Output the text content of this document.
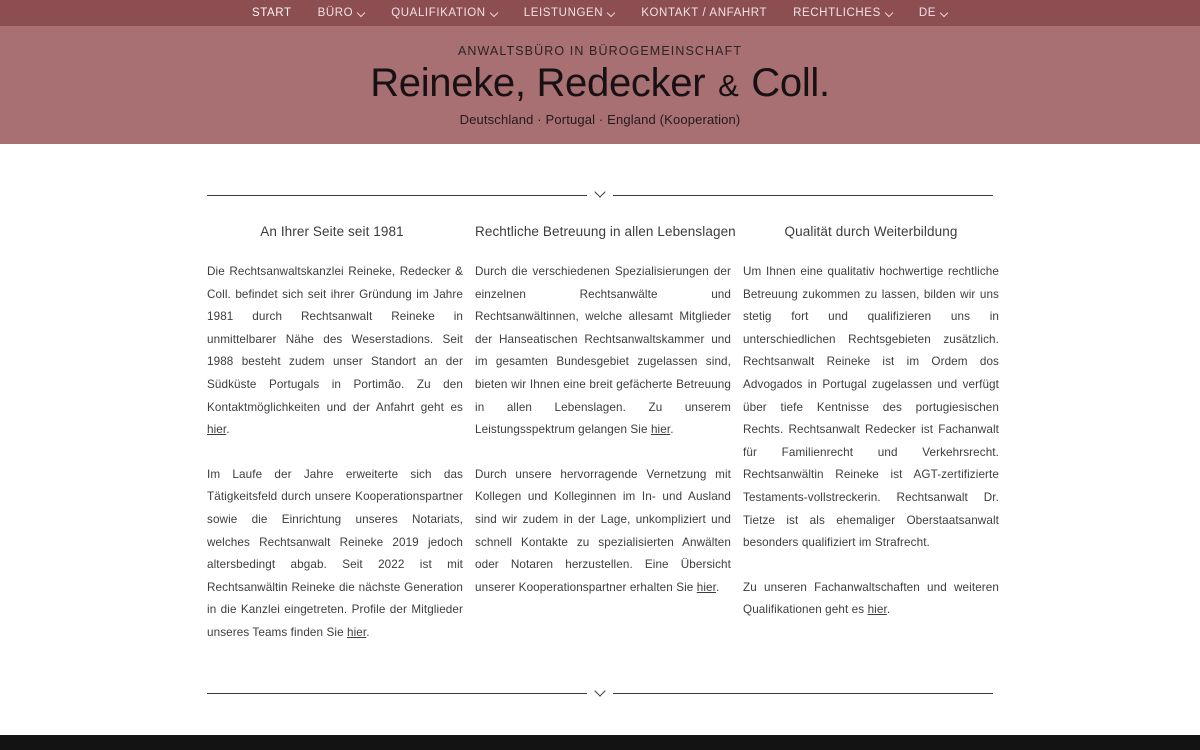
START BÜRO	QUALIFIKATION	LEISTUNGEN	KONTAKT / ANFAHRT RECHTLICHES	DE
ANWALTSBÜRO IN BÜROGEMEINSCHAFT
Reineke, Redecker & Coll.
Deutschland · Portugal · England (Kooperation)
An Ihrer Seite seit 1981

Die Rechtsanwaltskanzlei Reineke, Redecker & Coll. befindet sich seit ihrer Gründung im Jahre 1981 durch Rechtsanwalt Reineke in unmittelbarer Nähe des Weserstadions. Seit 1988 besteht zudem unser Standort an der Südküste Portugals in Portimão. Zu den Kontaktmöglichkeiten und der Anfahrt geht es hier.

Im Laufe der Jahre erweiterte sich das Tätigkeitsfeld durch unsere Kooperationspartner sowie die Einrichtung unseres Notariats, welches Rechtsanwalt Reineke 2019 jedoch altersbedingt abgab. Seit 2022 ist mit Rechtsanwältin Reineke die nächste Generation in die Kanzlei eingetreten. Profile der Mitglieder unseres Teams finden Sie hier.

Rechtliche Betreuung in allen Lebenslagen

Durch die verschiedenen Spezialisierungen der einzelnen Rechtsanwälte und Rechtsanwältinnen, welche allesamt Mitglieder der Hanseatischen Rechtsanwaltskammer und im gesamten Bundesgebiet zugelassen sind, bieten wir Ihnen eine breit gefächerte Betreuung in allen Lebenslagen. Zu unserem Leistungsspektrum gelangen Sie hier.

Durch unsere hervorragende Vernetzung mit Kollegen und Kolleginnen im In- und Ausland sind wir zudem in der Lage, unkompliziert und schnell Kontakte zu spezialisierten Anwälten oder Notaren herzustellen. Eine Übersicht unserer Kooperationspartner erhalten Sie hier.

Qualität durch Weiterbildung

Um Ihnen eine qualitativ hochwertige rechtliche Betreuung zukommen zu lassen, bilden wir uns stetig fort und qualifizieren uns in unterschiedlichen Rechtsgebieten zusätzlich. Rechtsanwalt Reineke ist im Ordem dos Advogados in Portugal zugelassen und verfügt über tiefe Kentnisse des portugiesischen Rechts. Rechtsanwalt Redecker ist Fachanwalt für Familienrecht und Verkehrsrecht. Rechtsanwältin Reineke ist AGT-zertifizierte Testaments-vollstreckerin. Rechtsanwalt Dr. Tietze ist als ehemaliger Oberstaatsanwalt besonders qualifiziert im Strafrecht.

Zu unseren Fachanwaltschaften und weiteren Qualifikationen geht es hier.
